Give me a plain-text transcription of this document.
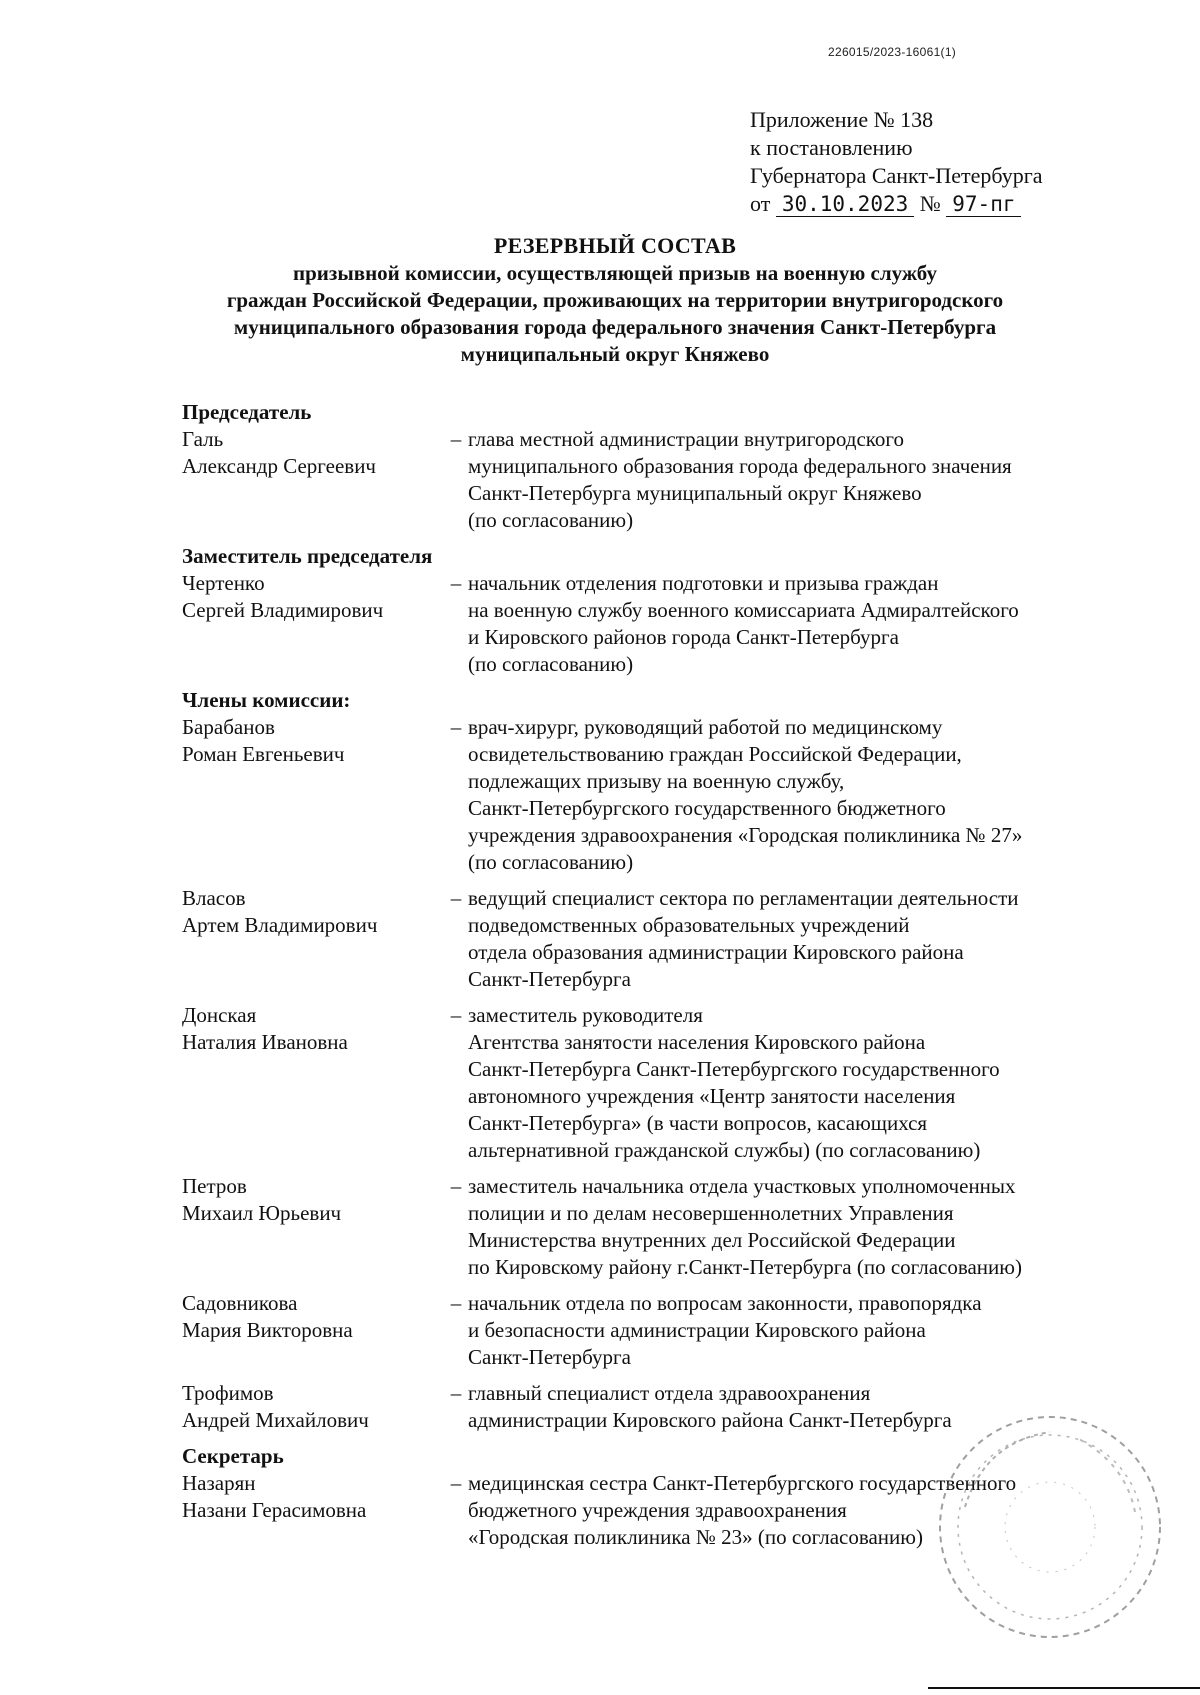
226015/2023-16061(1)
Приложение № 138
к постановлению
Губернатора Санкт-Петербурга
от 30.10.2023 № 97-пг
РЕЗЕРВНЫЙ СОСТАВ
призывной комиссии, осуществляющей призыв на военную службу
граждан Российской Федерации, проживающих на территории внутригородского
муниципального образования города федерального значения Санкт-Петербурга
муниципальный округ Княжево
Председатель
Галь
Александр Сергеевич
– глава местной администрации внутригородского
муниципального образования города федерального значения
Санкт-Петербурга муниципальный округ Княжево
(по согласованию)
Заместитель председателя
Чертенко
Сергей Владимирович
– начальник отделения подготовки и призыва граждан
на военную службу военного комиссариата Адмиралтейского
и Кировского районов города Санкт-Петербурга
(по согласованию)
Члены комиссии:
Барабанов
Роман Евгеньевич
– врач-хирург, руководящий работой по медицинскому
освидетельствованию граждан Российской Федерации,
подлежащих призыву на военную службу,
Санкт-Петербургского государственного бюджетного
учреждения здравоохранения «Городская поликлиника № 27»
(по согласованию)
Власов
Артем Владимирович
– ведущий специалист сектора по регламентации деятельности
подведомственных образовательных учреждений
отдела образования администрации Кировского района
Санкт-Петербурга
Донская
Наталия Ивановна
– заместитель руководителя
Агентства занятости населения Кировского района
Санкт-Петербурга Санкт-Петербургского государственного
автономного учреждения «Центр занятости населения
Санкт-Петербурга» (в части вопросов, касающихся
альтернативной гражданской службы) (по согласованию)
Петров
Михаил Юрьевич
– заместитель начальника отдела участковых уполномоченных
полиции и по делам несовершеннолетних Управления
Министерства внутренних дел Российской Федерации
по Кировскому району г.Санкт-Петербурга (по согласованию)
Садовникова
Мария Викторовна
– начальник отдела по вопросам законности, правопорядка
и безопасности администрации Кировского района
Санкт-Петербурга
Трофимов
Андрей Михайлович
– главный специалист отдела здравоохранения
администрации Кировского района Санкт-Петербурга
Секретарь
Назарян
Назани Герасимовна
– медицинская сестра Санкт-Петербургского государственного
бюджетного учреждения здравоохранения
«Городская поликлиника № 23» (по согласованию)
